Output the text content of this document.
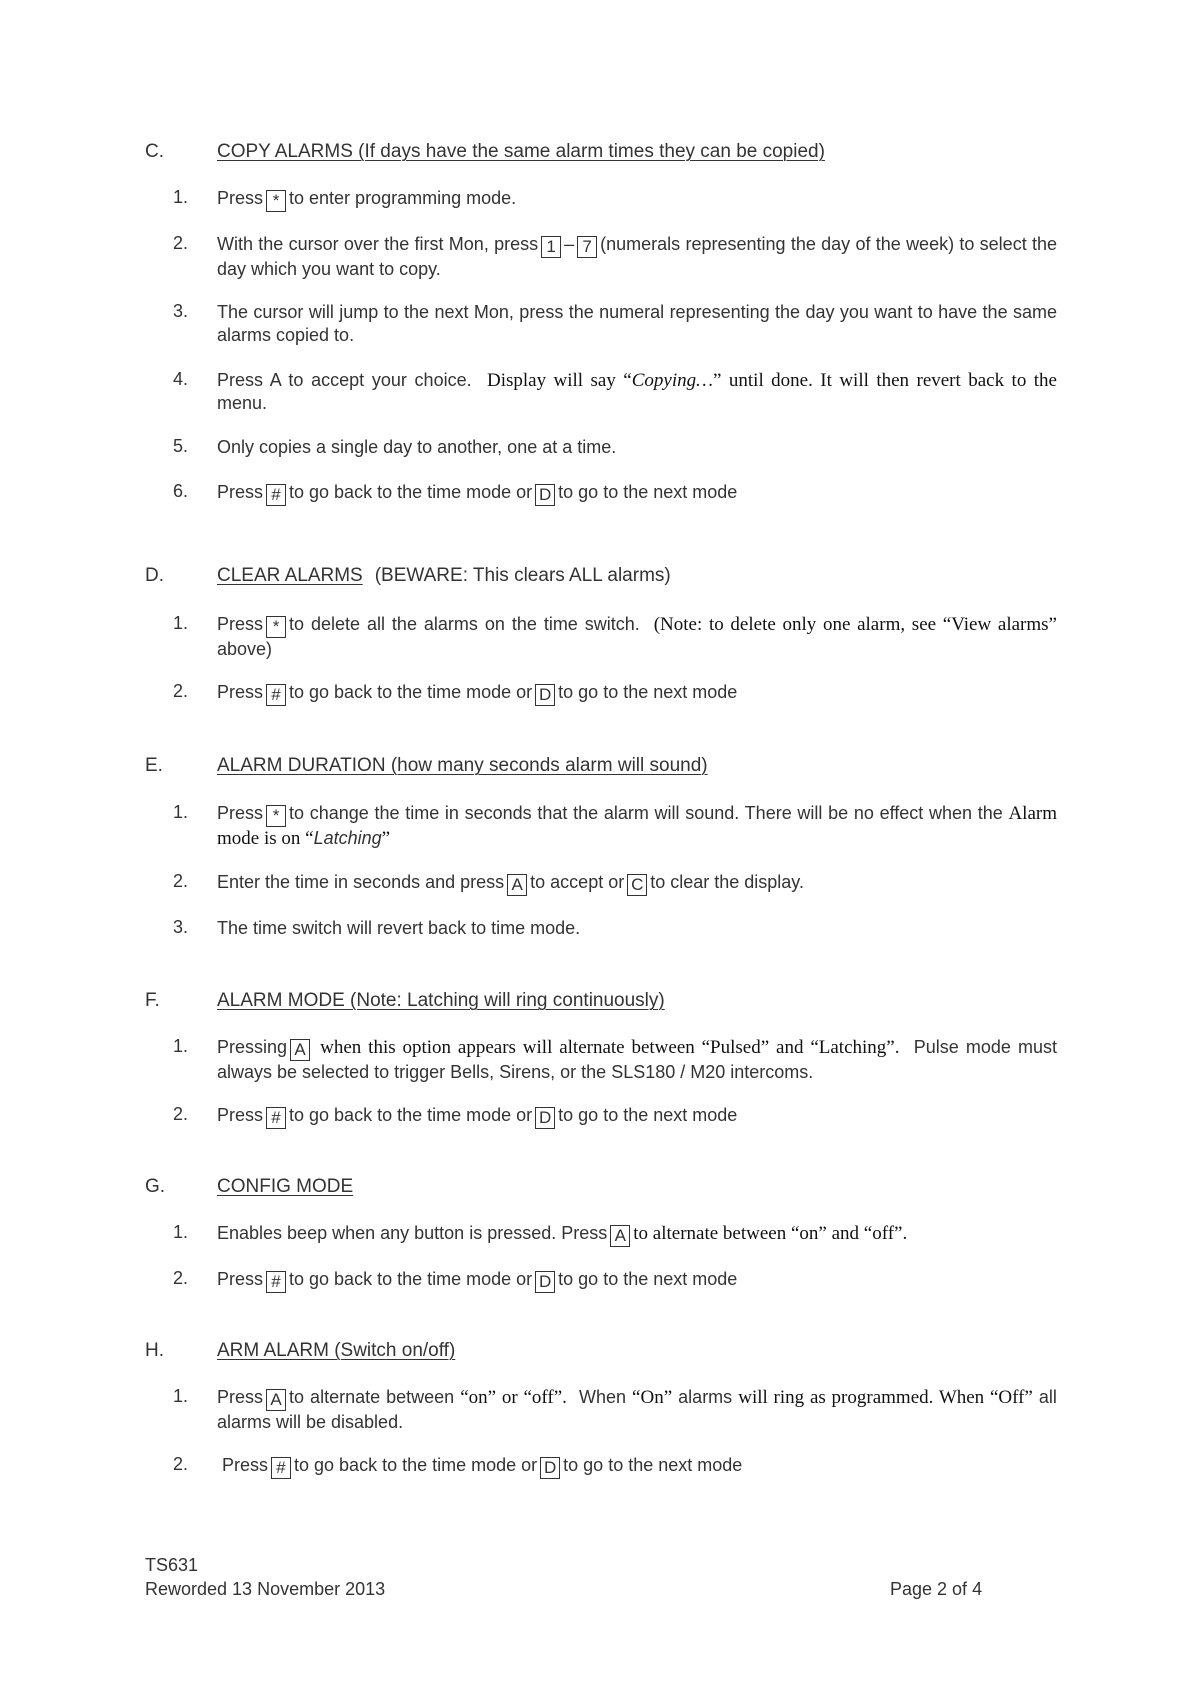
C.	COPY ALARMS (If days have the same alarm times they can be copied)
1.	Press * to enter programming mode.
2.	With the cursor over the first Mon, press 1 – 7 (numerals representing the day of the week) to select the day which you want to copy.
3.	The cursor will jump to the next Mon, press the numeral representing the day you want to have the same alarms copied to.
4.	Press A to accept your choice. Display will say “Copying…” until done. It will then revert back to the menu.
5.	Only copies a single day to another, one at a time.
6.	Press # to go back to the time mode or D to go to the next mode
D.	CLEAR ALARMS (BEWARE: This clears ALL alarms)
1.	Press * to delete all the alarms on the time switch. (Note: to delete only one alarm, see “View alarms” above)
2.	Press # to go back to the time mode or D to go to the next mode
E.	ALARM DURATION (how many seconds alarm will sound)
1.	Press * to change the time in seconds that the alarm will sound. There will be no effect when the Alarm mode is on “Latching”
2.	Enter the time in seconds and press A to accept or C to clear the display.
3.	The time switch will revert back to time mode.
F.	ALARM MODE (Note: Latching will ring continuously)
1.	Pressing A when this option appears will alternate between “Pulsed” and “Latching”. Pulse mode must always be selected to trigger Bells, Sirens, or the SLS180 / M20 intercoms.
2.	Press # to go back to the time mode or D to go to the next mode
G.	CONFIG MODE
1.	Enables beep when any button is pressed. Press A to alternate between “on” and “off”.
2.	Press # to go back to the time mode or D to go to the next mode
H.	ARM ALARM (Switch on/off)
1.	Press A to alternate between “on” or “off”. When “On” alarms will ring as programmed. When “Off” all alarms will be disabled.
2.	Press # to go back to the time mode or D to go to the next mode
TS631
Reworded 13 November 2013	Page 2 of 4
